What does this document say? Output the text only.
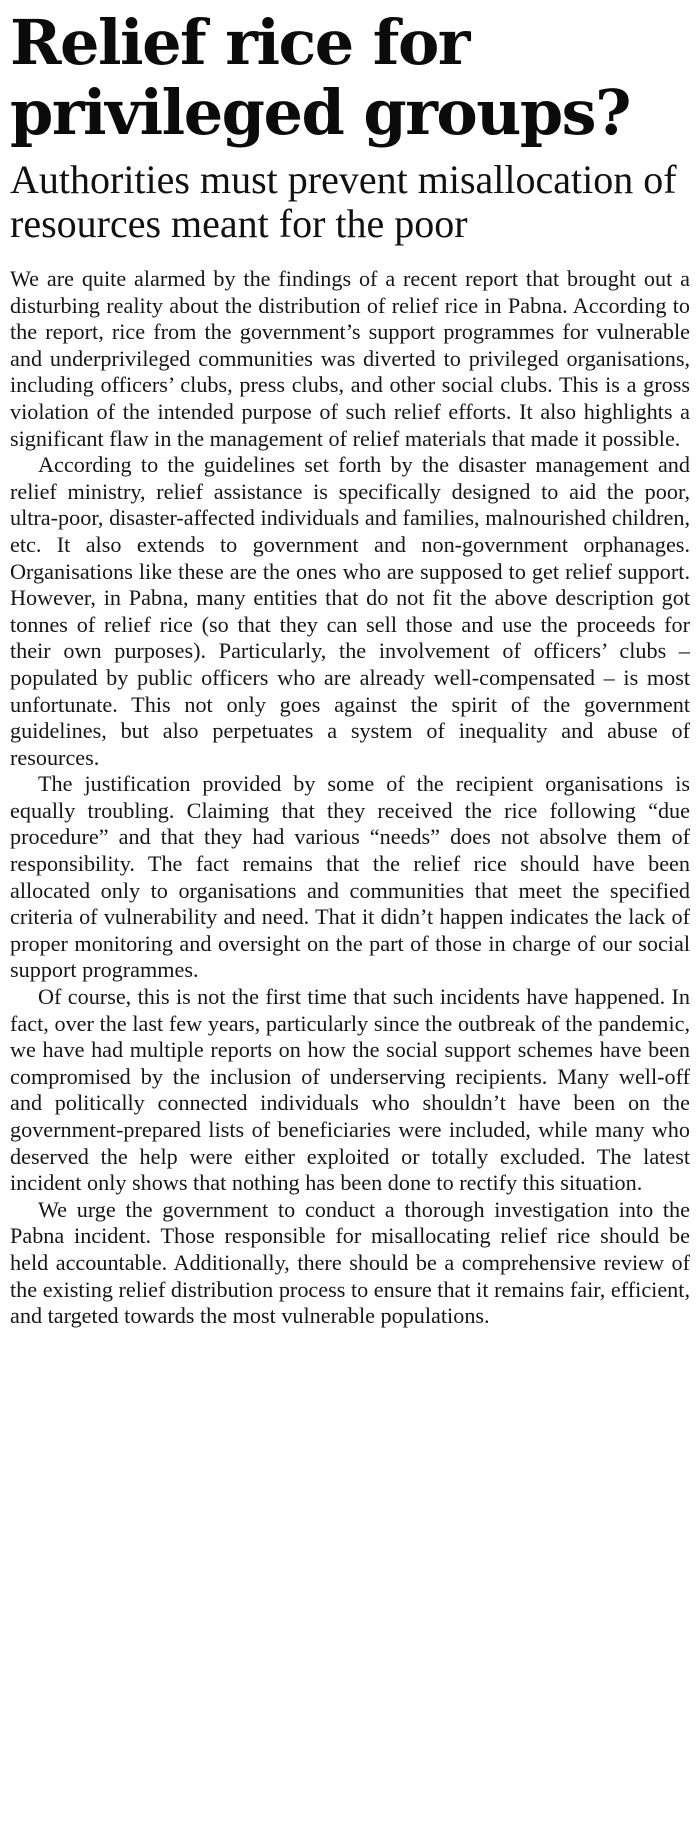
Relief rice for privileged groups?
Authorities must prevent misallocation of resources meant for the poor

We are quite alarmed by the findings of a recent report that brought out a disturbing reality about the distribution of relief rice in Pabna. According to the report, rice from the government’s support programmes for vulnerable and underprivileged communities was diverted to privileged organisations, including officers’ clubs, press clubs, and other social clubs. This is a gross violation of the intended purpose of such relief efforts. It also highlights a significant flaw in the management of relief materials that made it possible.

According to the guidelines set forth by the disaster management and relief ministry, relief assistance is specifically designed to aid the poor, ultra-poor, disaster-affected individuals and families, malnourished children, etc. It also extends to government and non-government orphanages. Organisations like these are the ones who are supposed to get relief support. However, in Pabna, many entities that do not fit the above description got tonnes of relief rice (so that they can sell those and use the proceeds for their own purposes). Particularly, the involvement of officers’ clubs – populated by public officers who are already well-compensated – is most unfortunate. This not only goes against the spirit of the government guidelines, but also perpetuates a system of inequality and abuse of resources.

The justification provided by some of the recipient organisations is equally troubling. Claiming that they received the rice following “due procedure” and that they had various “needs” does not absolve them of responsibility. The fact remains that the relief rice should have been allocated only to organisations and communities that meet the specified criteria of vulnerability and need. That it didn’t happen indicates the lack of proper monitoring and oversight on the part of those in charge of our social support programmes.

Of course, this is not the first time that such incidents have happened. In fact, over the last few years, particularly since the outbreak of the pandemic, we have had multiple reports on how the social support schemes have been compromised by the inclusion of underserving recipients. Many well-off and politically connected individuals who shouldn’t have been on the government-prepared lists of beneficiaries were included, while many who deserved the help were either exploited or totally excluded. The latest incident only shows that nothing has been done to rectify this situation.

We urge the government to conduct a thorough investigation into the Pabna incident. Those responsible for misallocating relief rice should be held accountable. Additionally, there should be a comprehensive review of the existing relief distribution process to ensure that it remains fair, efficient, and targeted towards the most vulnerable populations.
